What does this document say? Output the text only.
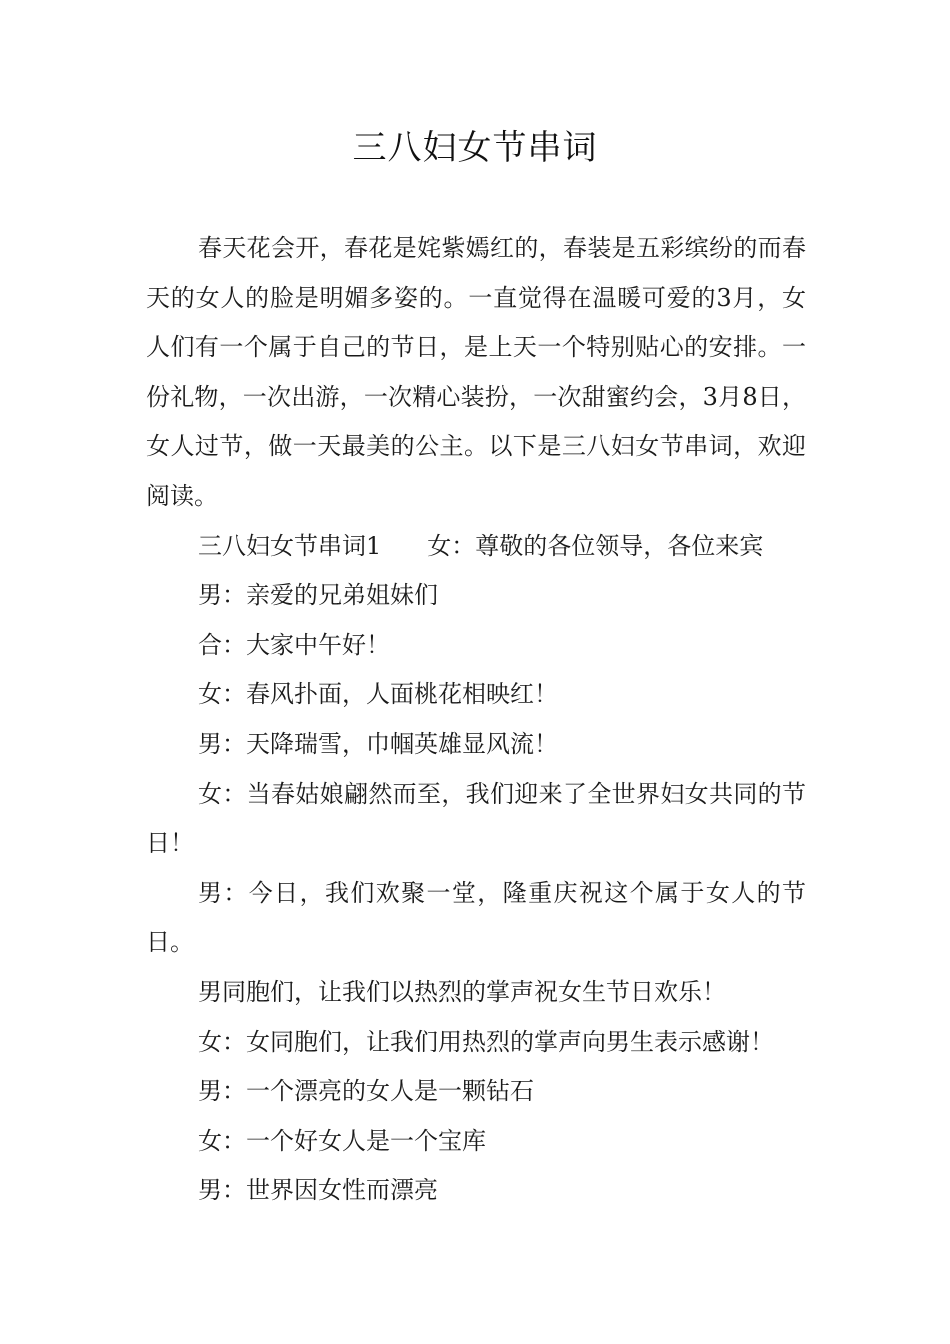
三八妇女节串词

春天花会开，春花是姹紫嫣红的，春装是五彩缤纷的而春天的女人的脸是明媚多姿的。一直觉得在温暖可爱的3月，女人们有一个属于自己的节日，是上天一个特别贴心的安排。一份礼物，一次出游，一次精心装扮，一次甜蜜约会，3月8日，女人过节，做一天最美的公主。以下是三八妇女节串词，欢迎阅读。

三八妇女节串词1 女：尊敬的各位领导，各位来宾

男：亲爱的兄弟姐妹们

合：大家中午好！

女：春风扑面，人面桃花相映红！

男：天降瑞雪，巾帼英雄显风流！

女：当春姑娘翩然而至，我们迎来了全世界妇女共同的节日！

男：今日，我们欢聚一堂，隆重庆祝这个属于女人的节日。

男同胞们，让我们以热烈的掌声祝女生节日欢乐！

女：女同胞们，让我们用热烈的掌声向男生表示感谢！

男：一个漂亮的女人是一颗钻石

女：一个好女人是一个宝库

男：世界因女性而漂亮
